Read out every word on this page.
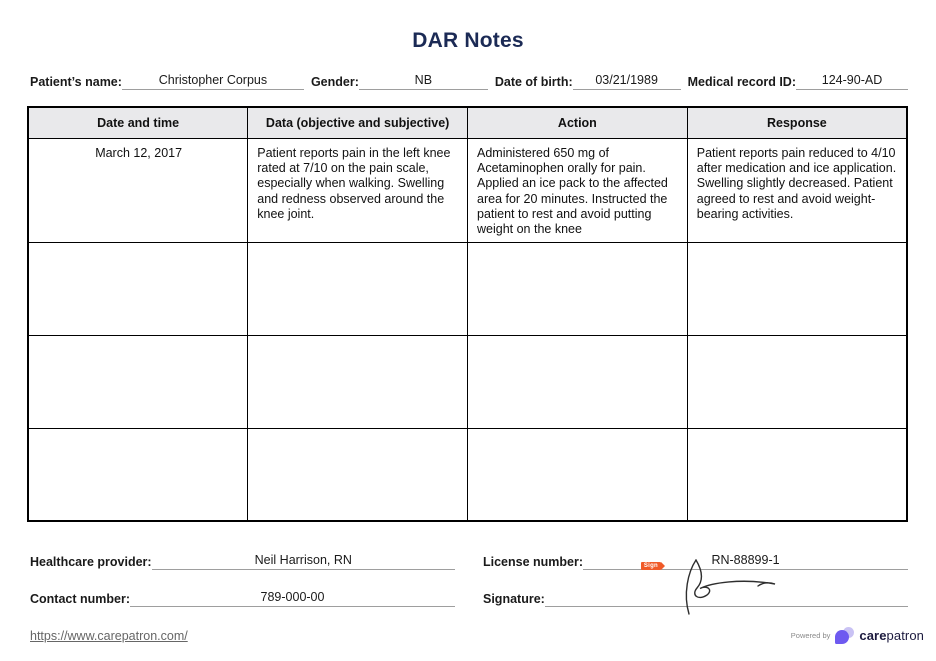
DAR Notes
Patient’s name:	Christopher Corpus	Gender:	NB	Date of birth:	03/21/1989	Medical record ID:	124-90-AD
Date and time	Data (objective and subjective)	Action	Response
March 12, 2017	Patient reports pain in the left knee rated at 7/10 on the pain scale, especially when walking. Swelling and redness observed around the knee joint.	Administered 650 mg of Acetaminophen orally for pain. Applied an ice pack to the affected area for 20 minutes. Instructed the patient to rest and avoid putting weight on the knee	Patient reports pain reduced to 4/10 after medication and ice application. Swelling slightly decreased. Patient agreed to rest and avoid weight-bearing activities.

Healthcare provider:	Neil Harrison, RN	License number:	RN-88899-1
Contact number:	789-000-00	Signature:
Sign
https://www.carepatron.com/	Powered by carepatron
